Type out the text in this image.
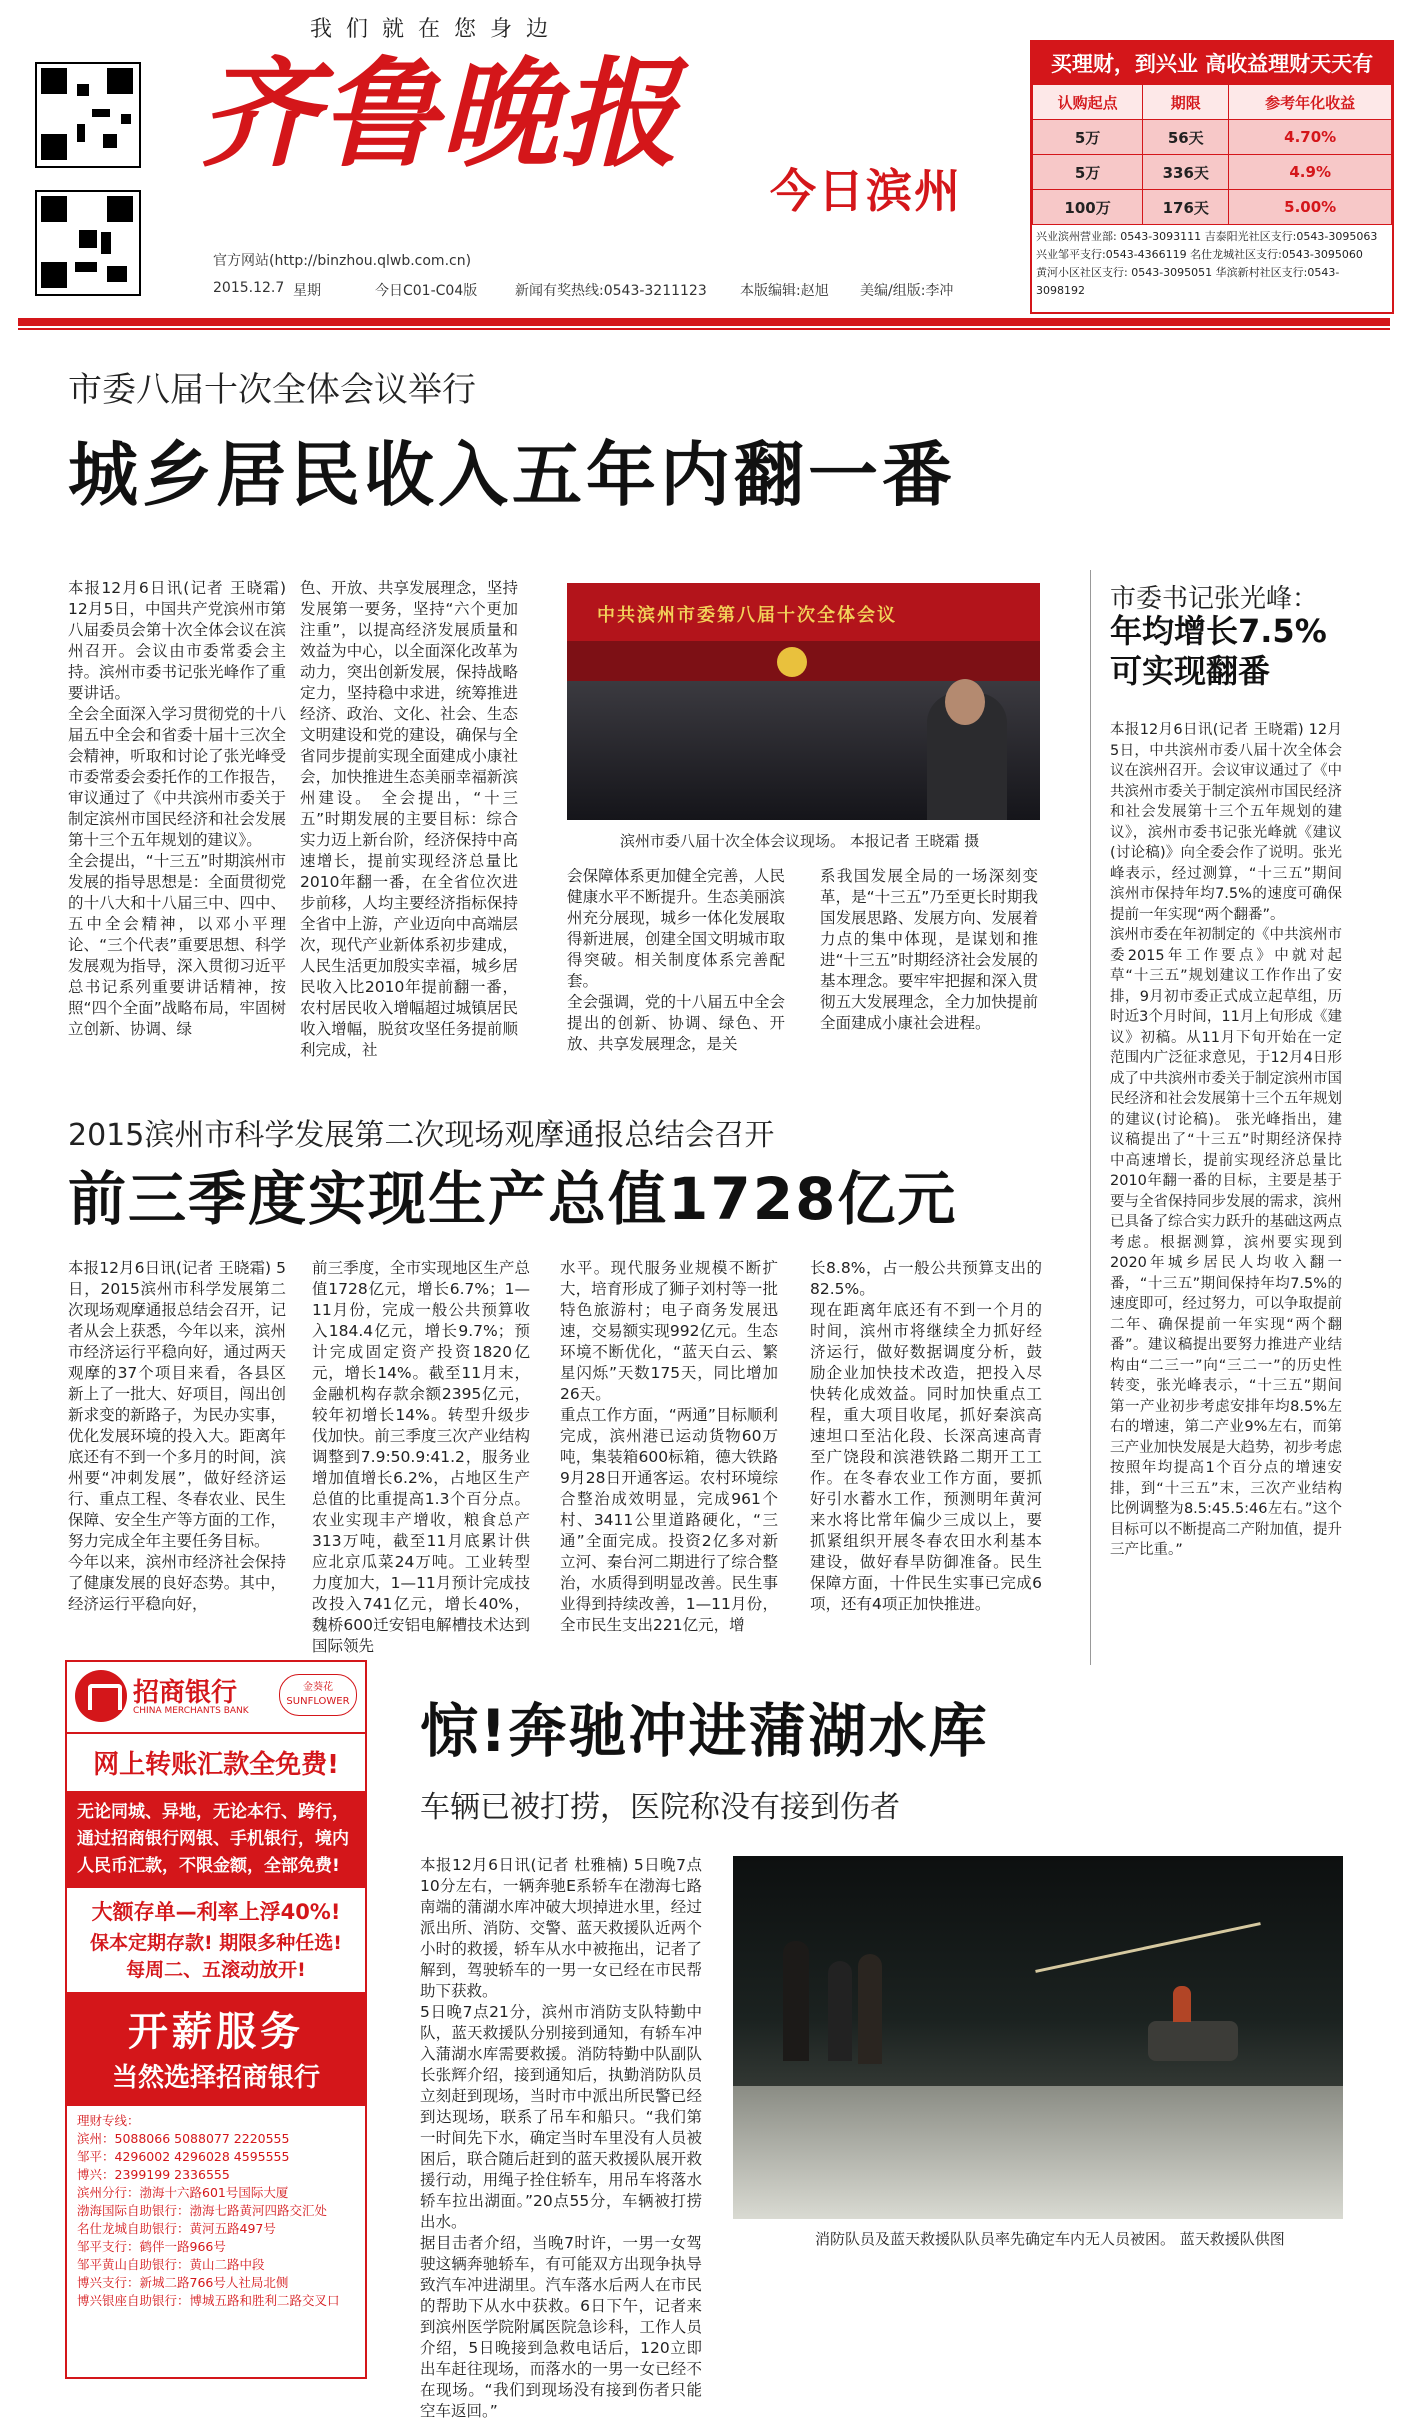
我们就在您身边
齐鲁晚报
今日滨州
官方网站(http://binzhou.qlwb.com.cn)
2015.12.7 星期	今日C01-C04版	新闻有奖热线:0543-3211123 本版编辑:赵旭 美编/组版:李冲
买理财，到兴业 高收益理财天天有
认购起点	期限	参考年化收益
5万	56天	4.70%
5万	336天	4.9%
100万	176天	5.00%
兴业滨州营业部: 0543-3093111 吉泰阳光社区支行:0543-3095063
兴业邹平支行:0543-4366119 名仕龙城社区支行:0543-3095060
黄河小区社区支行: 0543-3095051 华滨新村社区支行:0543-3098192
市委八届十次全体会议举行
城乡居民收入五年内翻一番
本报12月6日讯(记者 王晓霜) 12月5日，中国共产党滨州市第八届委员会第十次全体会议在滨州召开。会议由市委常委会主持。滨州市委书记张光峰作了重要讲话。
全会全面深入学习贯彻党的十八届五中全会和省委十届十三次全会精神，听取和讨论了张光峰受市委常委会委托作的工作报告，审议通过了《中共滨州市委关于制定滨州市国民经济和社会发展第十三个五年规划的建议》。
全会提出，“十三五”时期滨州市发展的指导思想是：全面贯彻党的十八大和十八届三中、四中、五中全会精神，以邓小平理论、“三个代表”重要思想、科学发展观为指导，深入贯彻习近平总书记系列重要讲话精神，按照“四个全面”战略布局，牢固树立创新、协调、绿
色、开放、共享发展理念，坚持发展第一要务，坚持“六个更加注重”，以提高经济发展质量和效益为中心，以全面深化改革为动力，突出创新发展，保持战略定力，坚持稳中求进，统筹推进经济、政治、文化、社会、生态文明建设和党的建设，确保与全省同步提前实现全面建成小康社会，加快推进生态美丽幸福新滨州建设。 全会提出，“十三五”时期发展的主要目标：综合实力迈上新台阶，经济保持中高速增长，提前实现经济总量比2010年翻一番，在全省位次进步前移，人均主要经济指标保持全省中上游，产业迈向中高端层次，现代产业新体系初步建成，人民生活更加殷实幸福，城乡居民收入比2010年提前翻一番，农村居民收入增幅超过城镇居民收入增幅，脱贫攻坚任务提前顺利完成，社
中共滨州市委第八届十次全体会议
滨州市委八届十次全体会议现场。 本报记者 王晓霜 摄
会保障体系更加健全完善，人民健康水平不断提升。生态美丽滨州充分展现，城乡一体化发展取得新进展，创建全国文明城市取得突破。相关制度体系完善配套。
全会强调，党的十八届五中全会提出的创新、协调、绿色、开放、共享发展理念，是关
系我国发展全局的一场深刻变革，是“十三五”乃至更长时期我国发展思路、发展方向、发展着力点的集中体现，是谋划和推进“十三五”时期经济社会发展的基本理念。要牢牢把握和深入贯彻五大发展理念，全力加快提前全面建成小康社会进程。
市委书记张光峰：
年均增长7.5%
可实现翻番
本报12月6日讯(记者 王晓霜) 12月5日，中共滨州市委八届十次全体会议在滨州召开。会议审议通过了《中共滨州市委关于制定滨州市国民经济和社会发展第十三个五年规划的建议》，滨州市委书记张光峰就《建议(讨论稿)》向全委会作了说明。张光峰表示，经过测算，“十三五”期间滨州市保持年均7.5%的速度可确保提前一年实现“两个翻番”。
滨州市委在年初制定的《中共滨州市委2015年工作要点》中就对起草“十三五”规划建议工作作出了安排，9月初市委正式成立起草组，历时近3个月时间，11月上旬形成《建议》初稿。从11月下旬开始在一定范围内广泛征求意见，于12月4日形成了中共滨州市委关于制定滨州市国民经济和社会发展第十三个五年规划的建议(讨论稿)。 张光峰指出，建议稿提出了“十三五”时期经济保持中高速增长，提前实现经济总量比2010年翻一番的目标，主要是基于要与全省保持同步发展的需求，滨州已具备了综合实力跃升的基础这两点考虑。根据测算，滨州要实现到2020年城乡居民人均收入翻一番，“十三五”期间保持年均7.5%的速度即可，经过努力，可以争取提前二年、确保提前一年实现“两个翻番”。建议稿提出要努力推进产业结构由“二三一”向“三二一”的历史性转变，张光峰表示，“十三五”期间第一产业初步考虑安排年均8.5%左右的增速，第二产业9%左右，而第三产业加快发展是大趋势，初步考虑按照年均提高1个百分点的增速安排，到“十三五”末，三次产业结构比例调整为8.5:45.5:46左右。”这个目标可以不断提高二产附加值，提升三产比重。”
2015滨州市科学发展第二次现场观摩通报总结会召开
前三季度实现生产总值1728亿元
本报12月6日讯(记者 王晓霜) 5日，2015滨州市科学发展第二次现场观摩通报总结会召开，记者从会上获悉，今年以来，滨州市经济运行平稳向好，通过两天观摩的37个项目来看，各县区新上了一批大、好项目，闯出创新求变的新路子，为民办实事，优化发展环境的投入大。距离年底还有不到一个多月的时间，滨州要“冲刺发展”，做好经济运行、重点工程、冬春农业、民生保障、安全生产等方面的工作，努力完成全年主要任务目标。
今年以来，滨州市经济社会保持了健康发展的良好态势。其中，经济运行平稳向好，
前三季度，全市实现地区生产总值1728亿元，增长6.7%；1—11月份，完成一般公共预算收入184.4亿元，增长9.7%；预计完成固定资产投资1820亿元，增长14%。截至11月末，金融机构存款余额2395亿元，较年初增长14%。转型升级步伐加快。前三季度三次产业结构调整到7.9:50.9:41.2，服务业增加值增长6.2%，占地区生产总值的比重提高1.3个百分点。农业实现丰产增收，粮食总产313万吨，截至11月底累计供应北京瓜菜24万吨。工业转型力度加大，1—11月预计完成技改投入741亿元，增长40%，魏桥600迁安铝电解槽技术达到国际领先
水平。现代服务业规模不断扩大，培育形成了狮子刘村等一批特色旅游村；电子商务发展迅速，交易额实现992亿元。生态环境不断优化，“蓝天白云、繁星闪烁”天数175天，同比增加26天。
重点工作方面，“两通”目标顺利完成，滨州港已运动货物60万吨，集装箱600标箱，德大铁路9月28日开通客运。农村环境综合整治成效明显，完成961个村、3411公里道路硬化，“三通”全面完成。投资2亿多对新立河、秦台河二期进行了综合整治，水质得到明显改善。民生事业得到持续改善，1—11月份，全市民生支出221亿元，增
长8.8%，占一般公共预算支出的82.5%。
现在距离年底还有不到一个月的时间，滨州市将继续全力抓好经济运行，做好数据调度分析，鼓励企业加快技术改造，把投入尽快转化成效益。同时加快重点工程，重大项目收尾，抓好秦滨高速坦口至沾化段、长深高速高青至广饶段和滨港铁路二期开工工作。在冬春农业工作方面，要抓好引水蓄水工作，预测明年黄河来水将比常年偏少三成以上，要抓紧组织开展冬春农田水利基本建设，做好春旱防御准备。民生保障方面，十件民生实事已完成6项，还有4项正加快推进。
招商银行
CHINA MERCHANTS BANK
金葵花 SUNFLOWER
网上转账汇款全免费!
无论同城、异地，无论本行、跨行，通过招商银行网银、手机银行，境内人民币汇款，不限金额，全部免费!
大额存单—利率上浮40%!
保本定期存款! 期限多种任选!
每周二、五滚动放开!
开薪服务
当然选择招商银行
理财专线：
滨州：5088066 5088077 2220555
邹平：4296002 4296028 4595555
博兴：2399199 2336555
滨州分行：渤海十六路601号国际大厦
渤海国际自助银行：渤海七路黄河四路交汇处
名仕龙城自助银行：黄河五路497号
邹平支行：鹤伴一路966号
邹平黄山自助银行：黄山二路中段
博兴支行：新城二路766号人社局北侧
博兴银座自助银行：博城五路和胜利二路交叉口
惊!奔驰冲进蒲湖水库
车辆已被打捞，医院称没有接到伤者
本报12月6日讯(记者 杜雅楠) 5日晚7点10分左右，一辆奔驰E系轿车在渤海七路南端的蒲湖水库冲破大坝掉进水里，经过派出所、消防、交警、蓝天救援队近两个小时的救援，轿车从水中被拖出，记者了解到，驾驶轿车的一男一女已经在市民帮助下获救。
5日晚7点21分，滨州市消防支队特勤中队，蓝天救援队分别接到通知，有轿车冲入蒲湖水库需要救援。消防特勤中队副队长张辉介绍，接到通知后，执勤消防队员立刻赶到现场，当时市中派出所民警已经到达现场，联系了吊车和船只。“我们第一时间先下水，确定当时车里没有人员被困后，联合随后赶到的蓝天救援队展开救援行动，用绳子拴住轿车，用吊车将落水轿车拉出湖面。”20点55分，车辆被打捞出水。
据目击者介绍，当晚7时许，一男一女驾驶这辆奔驰轿车，有可能双方出现争执导致汽车冲进湖里。汽车落水后两人在市民的帮助下从水中获救。6日下午，记者来到滨州医学院附属医院急诊科，工作人员介绍，5日晚接到急救电话后，120立即出车赶往现场，而落水的一男一女已经不在现场。“我们到现场没有接到伤者只能空车返回。”
消防队员及蓝天救援队队员率先确定车内无人员被困。 蓝天救援队供图
